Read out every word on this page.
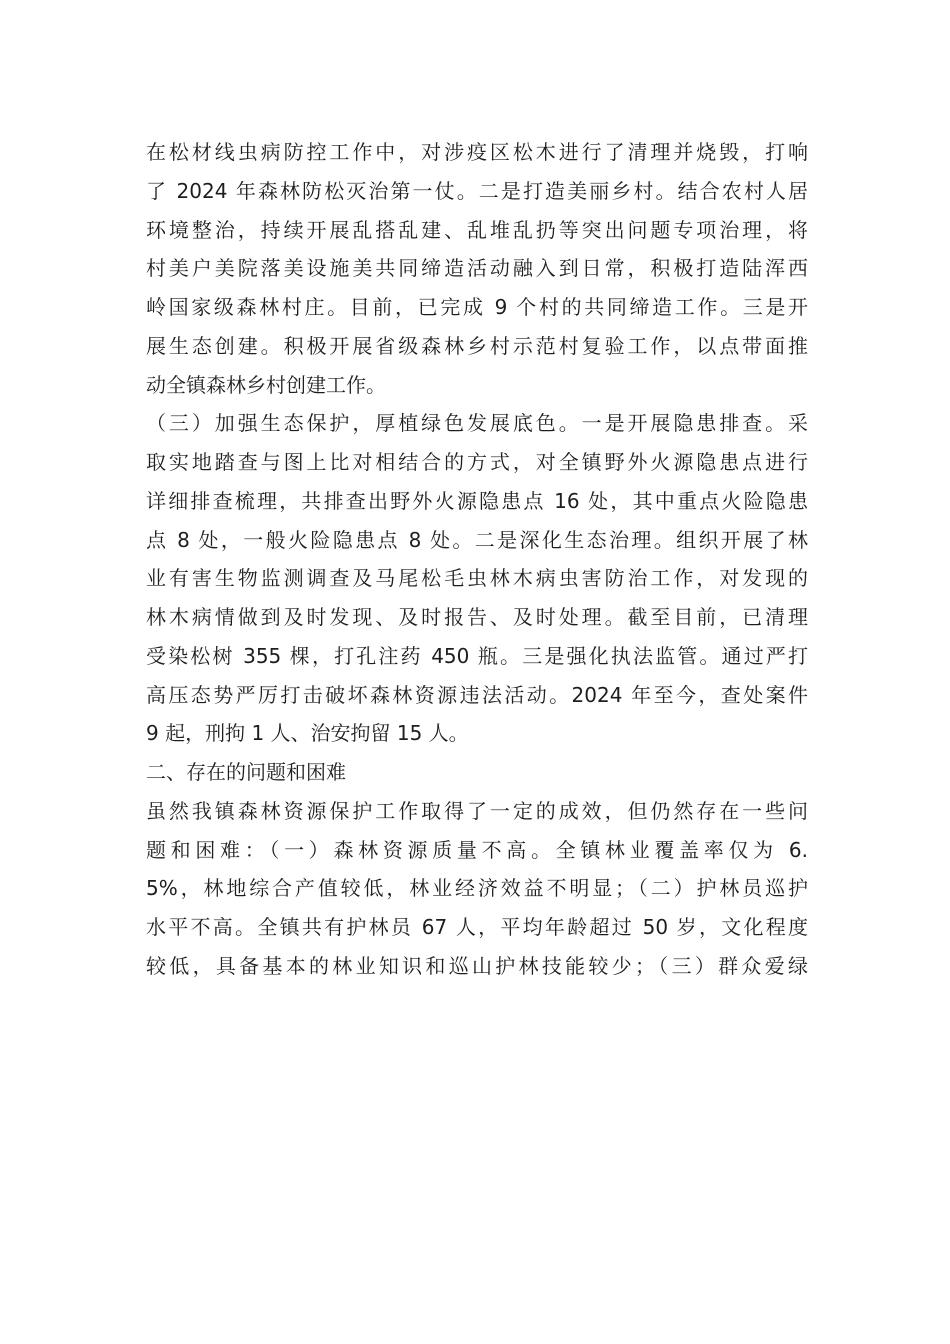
在松材线虫病防控工作中，对涉疫区松木进行了清理并烧毁，打响
了 2024 年森林防松灭治第一仗。二是打造美丽乡村。结合农村人居
环境整治，持续开展乱搭乱建、乱堆乱扔等突出问题专项治理，将
村美户美院落美设施美共同缔造活动融入到日常，积极打造陆浑西
岭国家级森林村庄。目前，已完成 9 个村的共同缔造工作。三是开
展生态创建。积极开展省级森林乡村示范村复验工作，以点带面推
动全镇森林乡村创建工作。
（三）加强生态保护，厚植绿色发展底色。一是开展隐患排查。采
取实地踏查与图上比对相结合的方式，对全镇野外火源隐患点进行
详细排查梳理，共排查出野外火源隐患点 16 处，其中重点火险隐患
点 8 处，一般火险隐患点 8 处。二是深化生态治理。组织开展了林
业有害生物监测调查及马尾松毛虫林木病虫害防治工作，对发现的
林木病情做到及时发现、及时报告、及时处理。截至目前，已清理
受染松树 355 棵，打孔注药 450 瓶。三是强化执法监管。通过严打
高压态势严厉打击破坏森林资源违法活动。2024 年至今，查处案件
9 起，刑拘 1 人、治安拘留 15 人。
二、存在的问题和困难
虽然我镇森林资源保护工作取得了一定的成效，但仍然存在一些问
题和困难：（一）森林资源质量不高。全镇林业覆盖率仅为 6.
5%，林地综合产值较低，林业经济效益不明显；（二）护林员巡护
水平不高。全镇共有护林员 67 人，平均年龄超过 50 岁，文化程度
较低，具备基本的林业知识和巡山护林技能较少；（三）群众爱绿
